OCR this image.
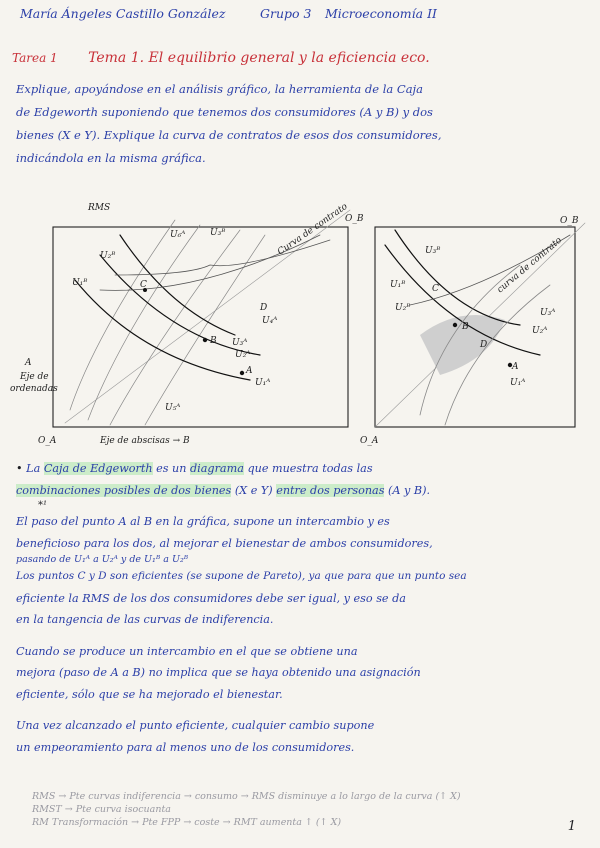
María Ángeles Castillo González	Grupo 3 Microeconomía II
Tarea 1 Tema 1. El equilibrio general y la eficiencia eco.
Explique, apoyándose en el análisis gráfico, la herramienta de la Caja
de Edgeworth suponiendo que tenemos dos consumidores (A y B) y dos
bienes (X e Y). Explique la curva de contratos de esos dos consumidores,
indicándola en la misma gráfica.
O_A
O_B
A
Eje de
ordenadas
Eje de abscisas → B
Curva de contrato
RMS
A
B
C
D
U₁ᴮ
U₂ᴮ
U₃ᴮ
U₁ᴬ
U₂ᴬ
U₃ᴬ
U₄ᴬ
U₅ᴬ
U₆ᴬ
O_A
O_B
curva de contrato
A
B
C
D
U₁ᴮ
U₂ᴮ
U₃ᴮ
U₁ᴬ
U₂ᴬ
U₃ᴬ
• La Caja de Edgeworth es un diagrama que muestra todas las
combinaciones posibles de dos bienes (X e Y) entre dos personas (A y B).
*¹
El paso del punto A al B en la gráfica, supone un intercambio y es
beneficioso para los dos, al mejorar el bienestar de ambos consumidores,
pasando de U₁ᴬ a U₂ᴬ y de U₁ᴮ a U₂ᴮ
Los puntos C y D son eficientes (se supone de Pareto), ya que para que un punto sea
eficiente la RMS de los dos consumidores debe ser igual, y eso se da
en la tangencia de las curvas de indiferencia.
Cuando se produce un intercambio en el que se obtiene una
mejora (paso de A a B) no implica que se haya obtenido una asignación
eficiente, sólo que se ha mejorado el bienestar.
Una vez alcanzado el punto eficiente, cualquier cambio supone
un empeoramiento para al menos uno de los consumidores.
RMS → Pte curvas indiferencia → consumo → RMS disminuye a lo largo de la curva (↑ X)
RMST → Pte curva isocuanta
RM Transformación → Pte FPP → coste → RMT aumenta ↑ (↑ X)	1
